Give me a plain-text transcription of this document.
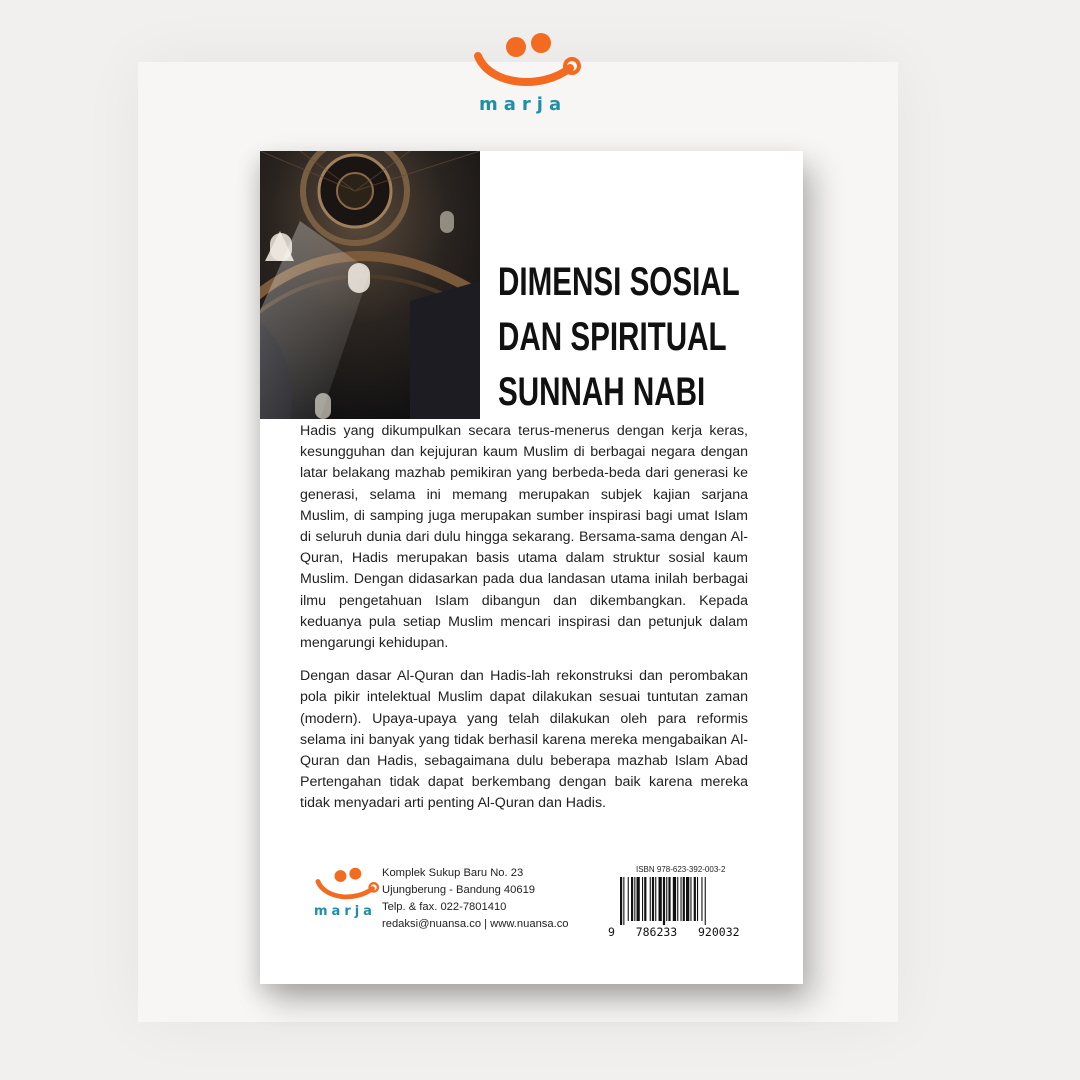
marja
DIMENSI SOSIAL
DAN SPIRITUAL
SUNNAH NABI

Hadis yang dikumpulkan secara terus-menerus dengan kerja keras, kesungguhan dan kejujuran kaum Muslim di berbagai negara dengan latar belakang mazhab pemikiran yang berbeda-beda dari generasi ke generasi, selama ini memang merupakan subjek kajian sarjana Muslim, di samping juga merupakan sumber inspirasi bagi umat Islam di seluruh dunia dari dulu hingga sekarang. Bersama-sama dengan Al-Quran, Hadis merupakan basis utama dalam struktur sosial kaum Muslim. Dengan didasarkan pada dua landasan utama inilah berbagai ilmu pengetahuan Islam dibangun dan dikembangkan. Kepada keduanya pula setiap Muslim mencari inspirasi dan petunjuk dalam mengarungi kehidupan.

Dengan dasar Al-Quran dan Hadis-lah rekonstruksi dan perombakan pola pikir intelektual Muslim dapat dilakukan sesuai tuntutan zaman (modern). Upaya-upaya yang telah dilakukan oleh para reformis selama ini banyak yang tidak berhasil karena mereka mengabaikan Al-Quran dan Hadis, sebagaimana dulu beberapa mazhab Islam Abad Pertengahan tidak dapat berkembang dengan baik karena mereka tidak menyadari arti penting Al-Quran dan Hadis.

marja
Komplek Sukup Baru No. 23
Ujungberung - Bandung 40619
Telp. & fax. 022-7801410
redaksi@nuansa.co | www.nuansa.co
ISBN 978-623-392-003-2
9   786233   920032
